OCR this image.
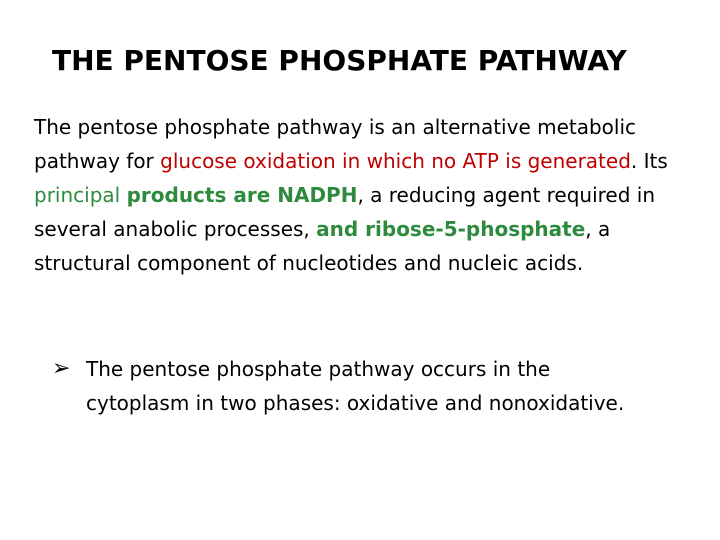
THE PENTOSE PHOSPHATE PATHWAY

The pentose phosphate pathway is an alternative metabolic pathway for glucose oxidation in which no ATP is generated. Its principal products are NADPH, a reducing agent required in several anabolic processes, and ribose-5-phosphate, a structural component of nucleotides and nucleic acids.

➢ The pentose phosphate pathway occurs in the cytoplasm in two phases: oxidative and nonoxidative.
